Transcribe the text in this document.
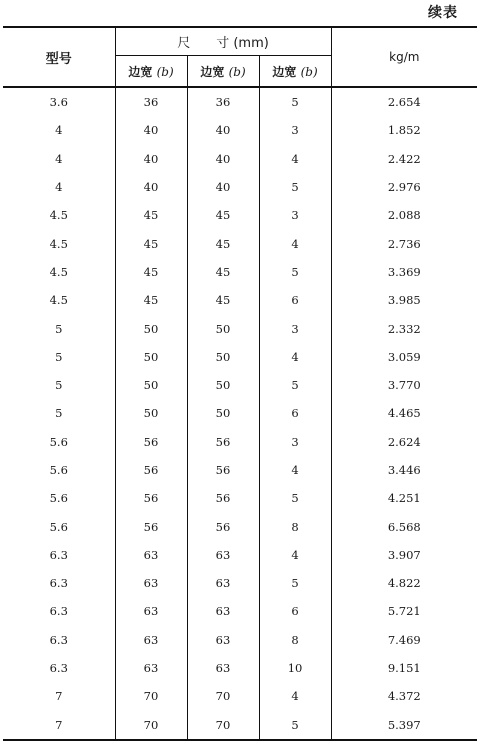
续表
型号	尺 寸 (mm)			kg/m
	边宽 (b)	边宽 (b)	边宽 (b)	
3.6	36	36	5	2.654
4	40	40	3	1.852
4	40	40	4	2.422
4	40	40	5	2.976
4.5	45	45	3	2.088
4.5	45	45	4	2.736
4.5	45	45	5	3.369
4.5	45	45	6	3.985
5	50	50	3	2.332
5	50	50	4	3.059
5	50	50	5	3.770
5	50	50	6	4.465
5.6	56	56	3	2.624
5.6	56	56	4	3.446
5.6	56	56	5	4.251
5.6	56	56	8	6.568
6.3	63	63	4	3.907
6.3	63	63	5	4.822
6.3	63	63	6	5.721
6.3	63	63	8	7.469
6.3	63	63	10	9.151
7	70	70	4	4.372
7	70	70	5	5.397
